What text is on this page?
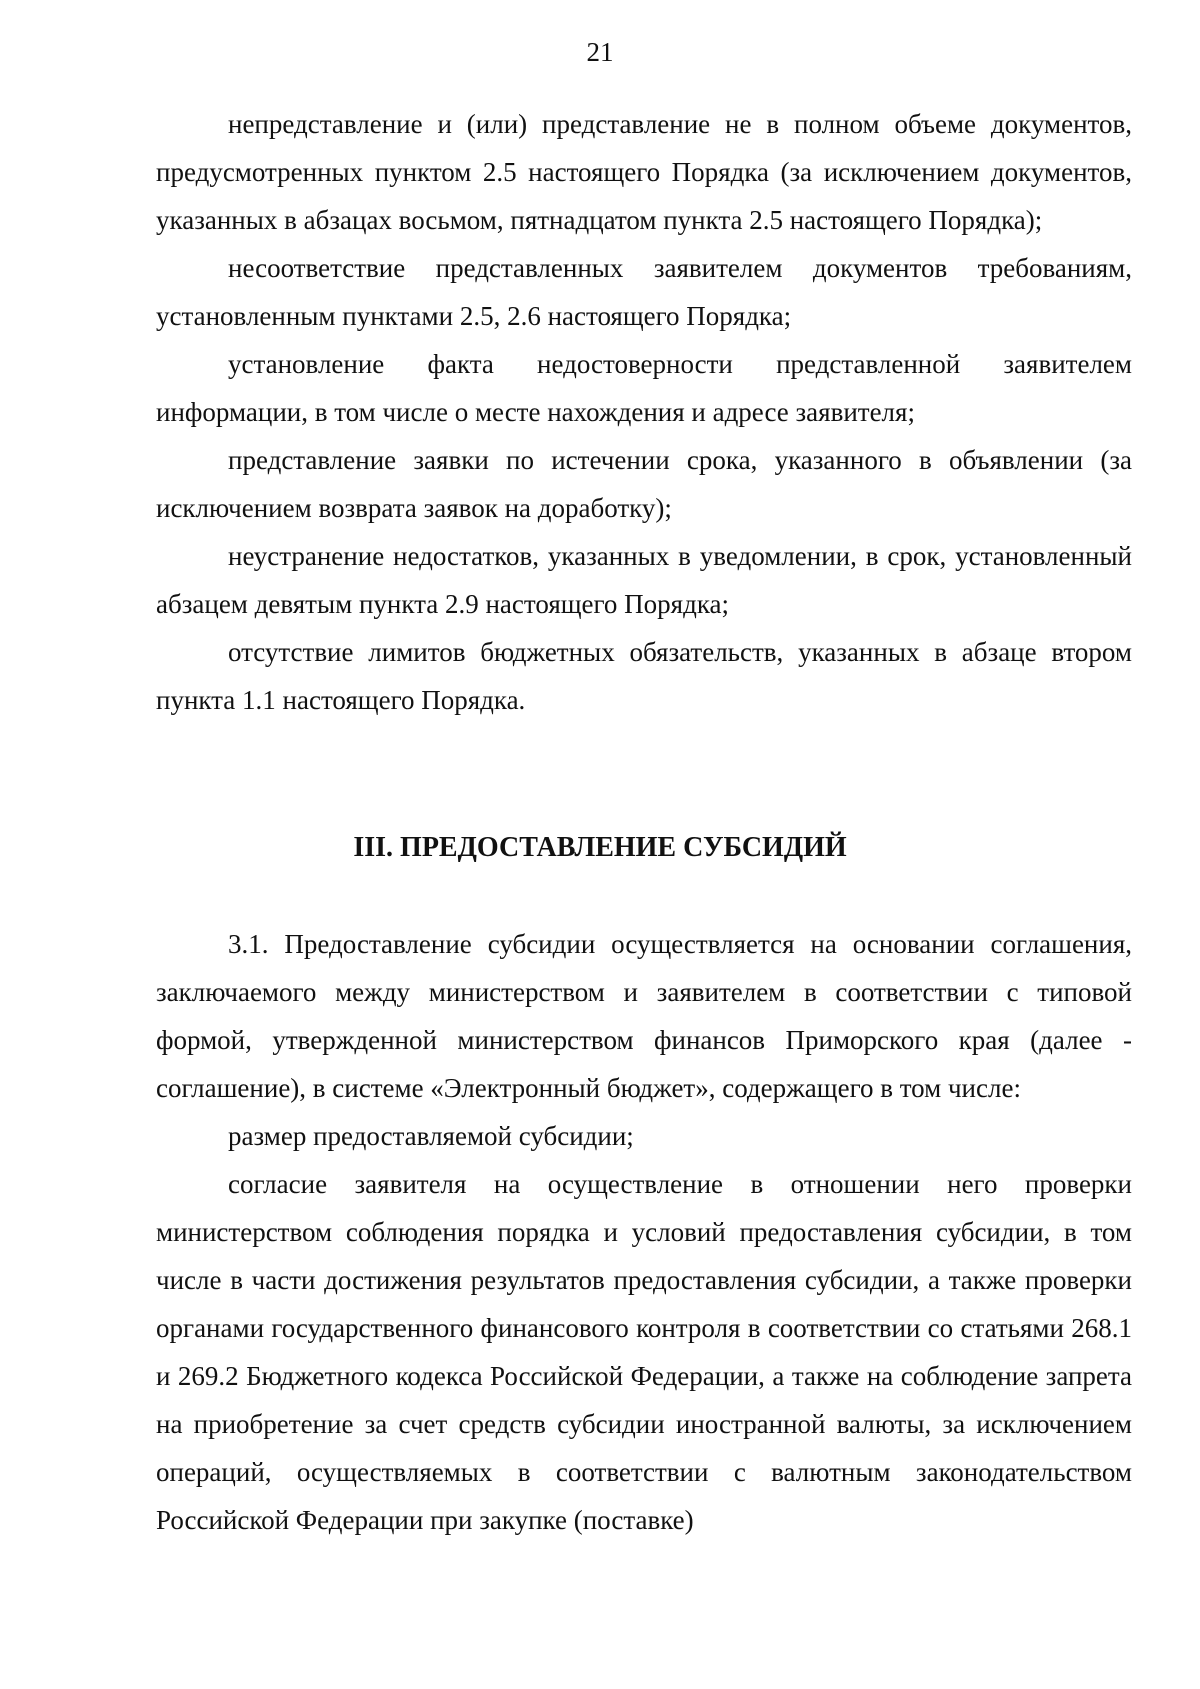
21

непредставление и (или) представление не в полном объеме документов, предусмотренных пунктом 2.5 настоящего Порядка (за исключением документов, указанных в абзацах восьмом, пятнадцатом пункта 2.5 настоящего Порядка);

несоответствие представленных заявителем документов требованиям, установленным пунктами 2.5, 2.6 настоящего Порядка;

установление факта недостоверности представленной заявителем информации, в том числе о месте нахождения и адресе заявителя;

представление заявки по истечении срока, указанного в объявлении (за исключением возврата заявок на доработку);

неустранение недостатков, указанных в уведомлении, в срок, установленный абзацем девятым пункта 2.9 настоящего Порядка;

отсутствие лимитов бюджетных обязательств, указанных в абзаце втором пункта 1.1 настоящего Порядка.

III. ПРЕДОСТАВЛЕНИЕ СУБСИДИЙ

3.1. Предоставление субсидии осуществляется на основании соглашения, заключаемого между министерством и заявителем в соответствии с типовой формой, утвержденной министерством финансов Приморского края (далее - соглашение), в системе «Электронный бюджет», содержащего в том числе:

размер предоставляемой субсидии;

согласие заявителя на осуществление в отношении него проверки министерством соблюдения порядка и условий предоставления субсидии, в том числе в части достижения результатов предоставления субсидии, а также проверки органами государственного финансового контроля в соответствии со статьями 268.1 и 269.2 Бюджетного кодекса Российской Федерации, а также на соблюдение запрета на приобретение за счет средств субсидии иностранной валюты, за исключением операций, осуществляемых в соответствии с валютным законодательством Российской Федерации при закупке (поставке)
